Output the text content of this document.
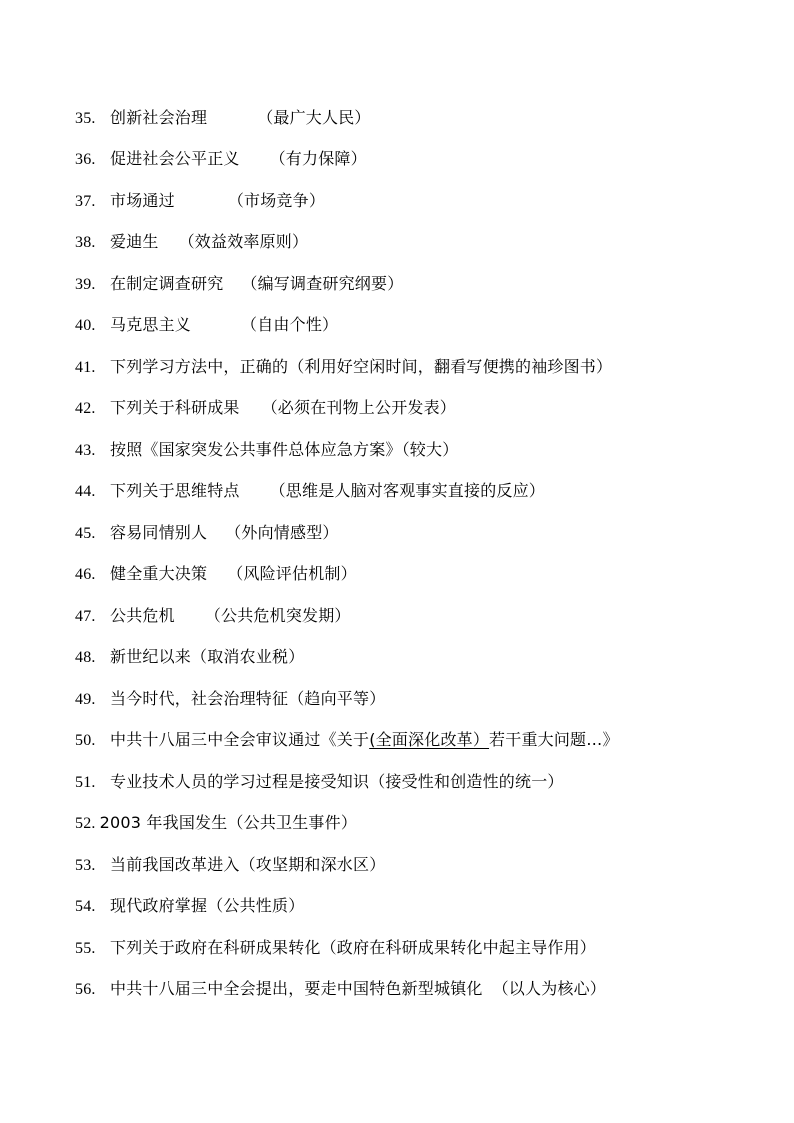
35. 创新社会治理	（最广大人民）
36. 促进社会公平正义 （有力保障）
37. 市场通过	（市场竞争）
38. 爱迪生 （效益效率原则）
39. 在制定调查研究 （编写调查研究纲要）
40. 马克思主义	（自由个性）
41. 下列学习方法中，正确的（利用好空闲时间，翻看写便携的袖珍图书）
42. 下列关于科研成果 （必须在刊物上公开发表）
43. 按照《国家突发公共事件总体应急方案》（较大）
44. 下列关于思维特点 （思维是人脑对客观事实直接的反应）
45. 容易同情别人 （外向情感型）
46. 健全重大决策 （风险评估机制）
47. 公共危机 （公共危机突发期）
48. 新世纪以来（取消农业税）
49. 当今时代，社会治理特征（趋向平等）
50. 中共十八届三中全会审议通过《关于(全面深化改革）若干重大问题…》
51. 专业技术人员的学习过程是接受知识（接受性和创造性的统一）
52. 2003 年我国发生（公共卫生事件）
53. 当前我国改革进入（攻坚期和深水区）
54. 现代政府掌握（公共性质）
55. 下列关于政府在科研成果转化（政府在科研成果转化中起主导作用）
56. 中共十八届三中全会提出，要走中国特色新型城镇化 （以人为核心）
